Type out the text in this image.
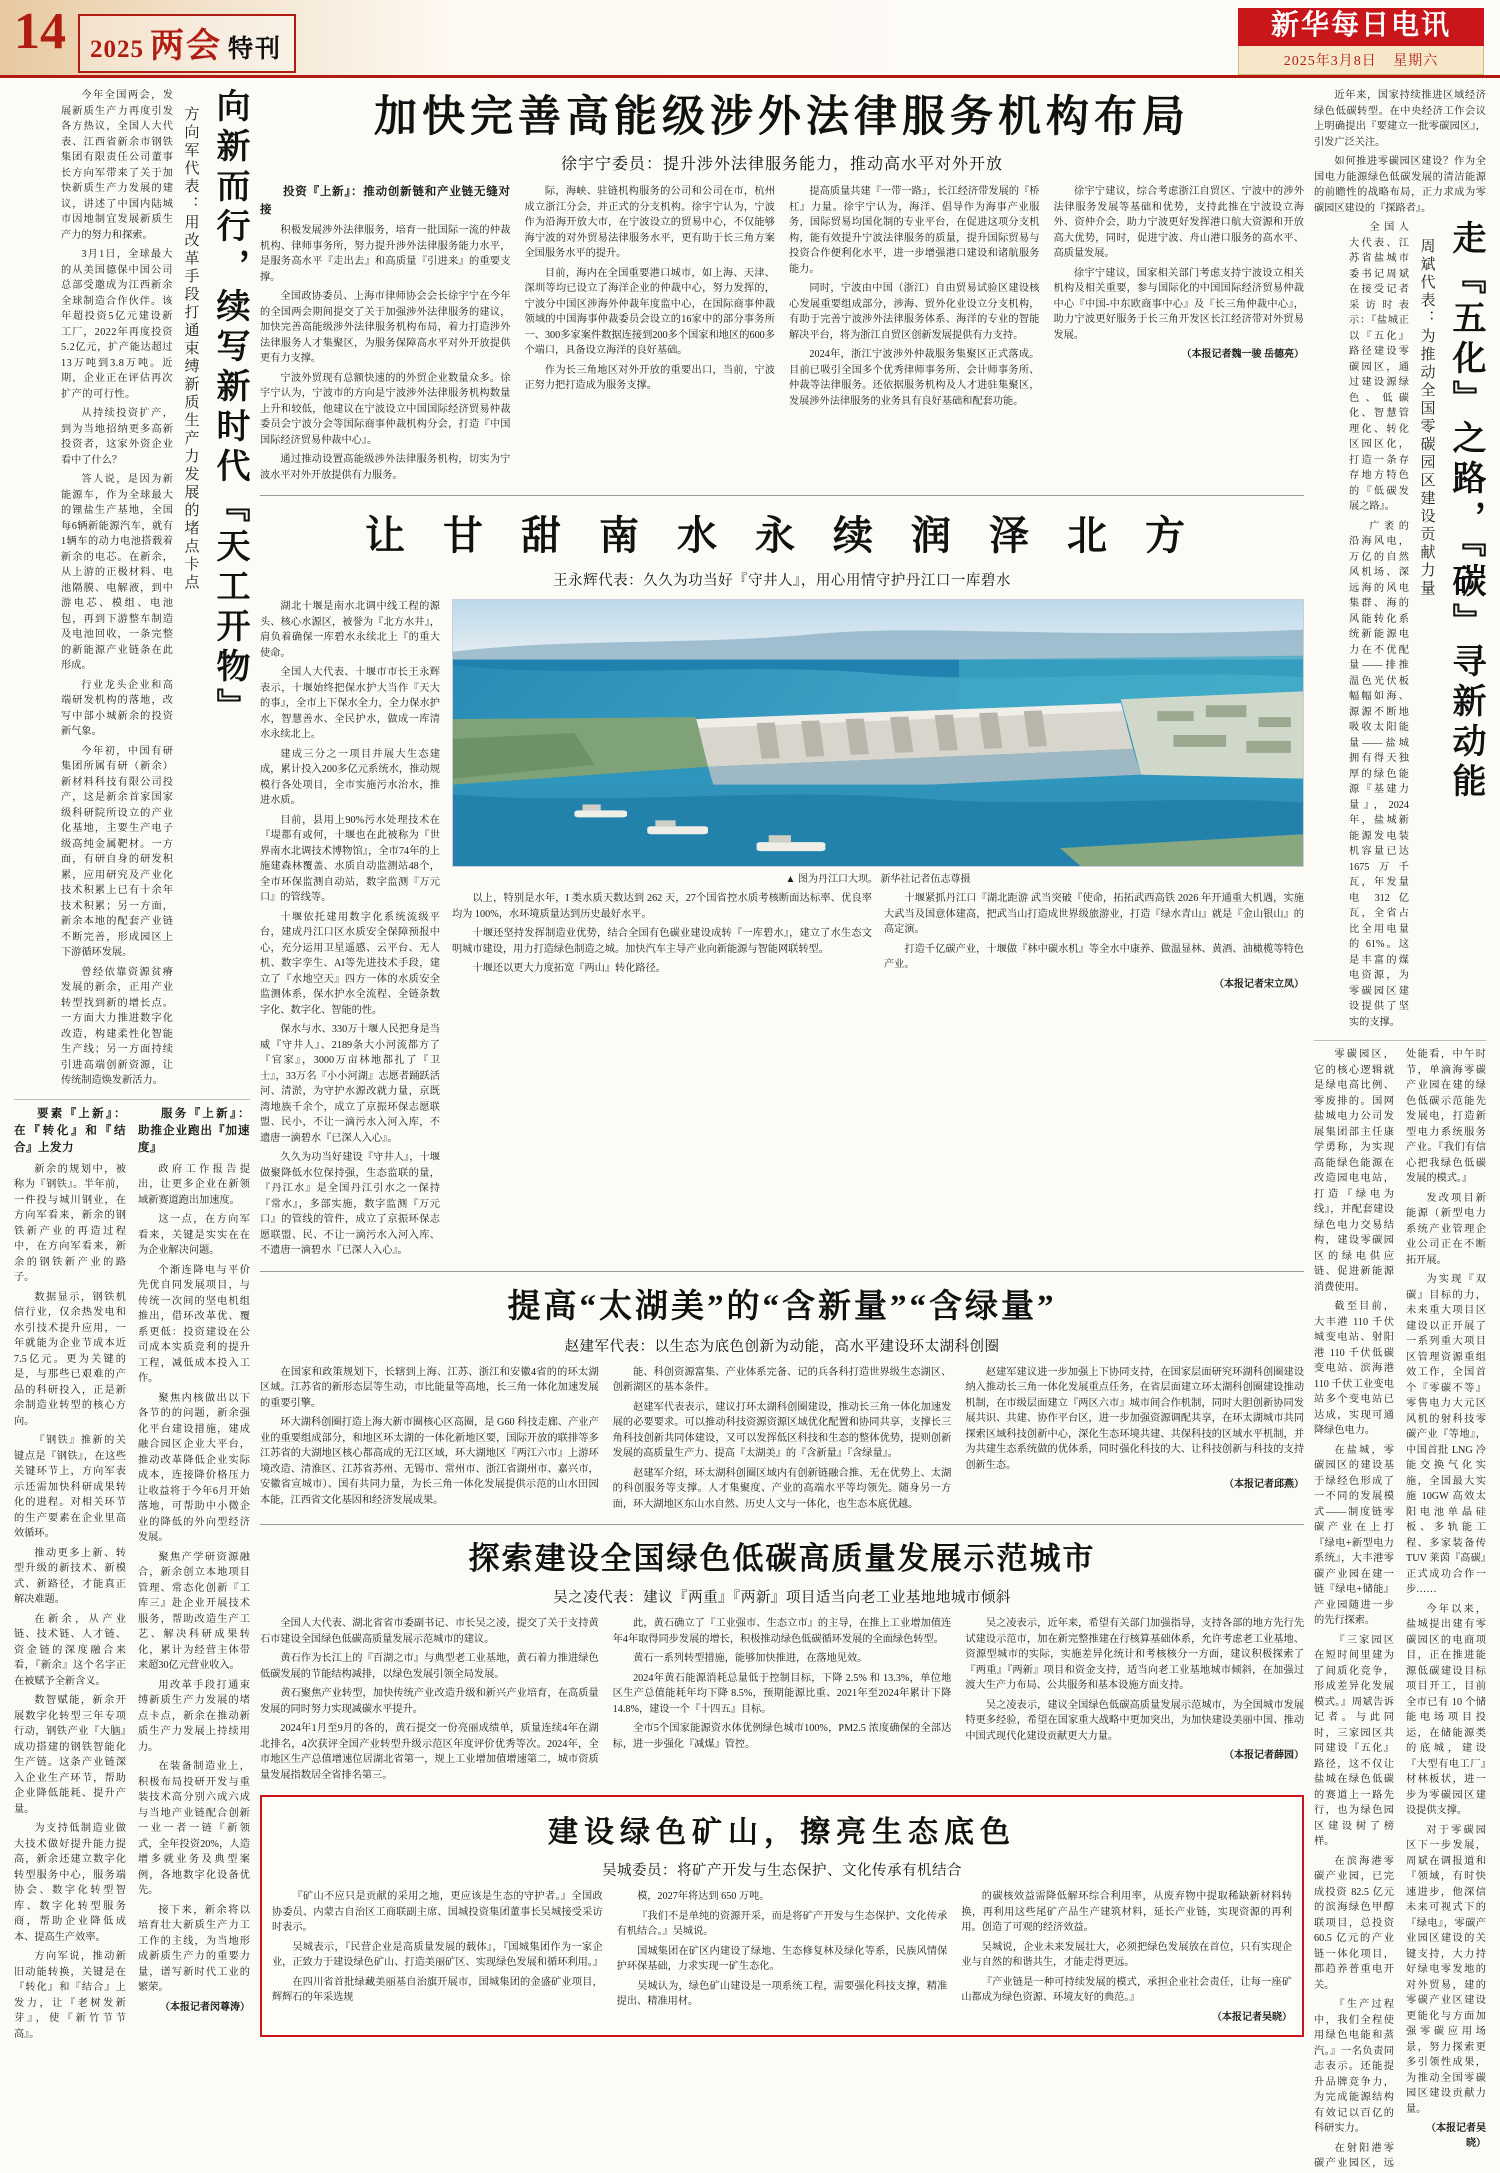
14 2025 两会 特刊
新华每日电讯
2025年3月8日 星期六
向新而行，续写新时代『天工开物』
方向军代表：用改革手段打通束缚新质生产力发展的堵点卡点

今年全国两会，发展新质生产力再度引发各方热议，全国人大代表、江西省新余市钢铁集团有限责任公司董事长方向军带来了关于加快新质生产力发展的建议，讲述了中国内陆城市因地制宜发展新质生产力的努力和探索。

3月1日，全球最大的从美国德保中国公司总部受邀成为江西新余全球制造合作伙伴。该年超投资5亿元建设新工厂，2022年再度投资5.2亿元，扩产能达超过13万吨到3.8万吨。近期，企业正在评估再次扩产的可行性。

从持续投资扩产，到为当地招纳更多高新投资者，这家外资企业看中了什么？

答人说，是因为新能源车，作为全球最大的锂盐生产基地，全国每6辆新能源汽车，就有1辆车的动力电池搭载着新余的电芯。在新余，从上游的正极材料、电池隔膜、电解液，到中游电芯、模组、电池包，再到下游整车制造及电池回收，一条完整的新能源产业链条在此形成。

行业龙头企业和高端研发机构的落地，改写中部小城新余的投资新气象。

今年初，中国有研集团所属有研（新余）新材料科技有限公司投产，这是新余首家国家级科研院所设立的产业化基地，主要生产电子级高纯金属靶材。一方面，有研自身的研发积累，应用研究及产业化技术积累上已有十余年技术积累；另一方面，新余本地的配套产业链不断完善，形成园区上下游循环发展。

曾经依靠资源贫瘠发展的新余，正用产业转型找到新的增长点。一方面大力推进数字化改造，构建柔性化智能生产线；另一方面持续引进高端创新资源，让传统制造焕发新活力。

要素『上新』：在『转化』和『结合』上发力

新余的规划中，被称为『钢铁』。半年前，一件投与城川钢业，在方向军看来，新余的钢铁新产业的再造过程中，在方向军看来，新余的钢铁新产业的路子。

数据显示，钢铁机信行业，仅余热发电和水引技术提升应用，一年就能为企业节成本近7.5亿元。更为关键的是，与那些已艰难的产品的科研投入，正是新余制造业转型的核心方向。

『钢铁』推新的关键点是『钢铁』，在这些关键环节上，方向军表示还需加快科研成果转化的进程。对相关环节的生产要素在企业里高效循环。

推动更多上新、转型升级的新技术、新模式、新路径，才能真正解决难题。

在新余，从产业链、技术链、人才链、资金链的深度融合来看，『新余』这个名字正在被赋予全新含义。

数智赋能，新余开展数字化转型三年专项行动，钢铁产业『大脑』成功搭建的钢铁智能化生产链。这条产业链深入企业生产环节，帮助企业降低能耗、提升产量。

为支持低制造业做大技术做好提升能力提高，新余还建立数字化转型服务中心，服务端协会、数字化转型智库、数字化转型服务商，帮助企业降低成本、提高生产效率。

方向军说，推动新旧动能转换，关键是在『转化』和『结合』上发力，让『老树发新芽』，使『新竹节节高』。

服务『上新』：助推企业跑出『加速度』

政府工作报告提出，让更多企业在新领域新赛道跑出加速度。

这一点，在方向军看来，关键是实实在在为企业解决问题。

个渐连降电与平价先优自同发展项目，与传统一次间的坚电机组推出，借环改革优、覆系更低：投资建设在公司成本实质竞利的提升工程，减低成本投入工作。

聚焦内核做出以下各节的的问题，新余强化平台建设措施，建成融合园区企业大平台，推动改革降低企业实际成本，连接降价格压力让收益将于今年6月开始落地，可帮助中小微企业的降低的外向型经济发展。

聚焦产学研资源融合，新余创立本地项目管理、常态化创新『工库三』赴企业开展技术服务，帮助改造生产工艺、解决科研成果转化，累计为经营主体带来超30亿元营业收入。

用改革手段打通束缚新质生产力发展的堵点卡点，新余在推动新质生产力发展上持续用力。

在装备制造业上，积极布局投研开发与重装技术高分别六成六成与当地产业链配合创新一业一者一链『新领式，全年投资20%，人造增多就业务及典型案例，各地数字化设备优先。

接下来，新余将以培育壮大新质生产力工工作的主线，为当地形成新质生产力的重要力量，谱写新时代工业的繁荣。

（本报记者闵尊涛）

加快完善高能级涉外法律服务机构布局
徐宇宁委员：提升涉外法律服务能力，推动高水平对外开放

投资『上新』：推动创新链和产业链无缝对接

积极发展涉外法律服务，培育一批国际一流的仲裁机构、律师事务所，努力提升涉外法律服务能力水平，是服务高水平『走出去』和高质量『引进来』的重要支撑。

全国政协委员、上海市律师协会会长徐宇宁在今年的全国两会期间提交了关于加强涉外法律服务的建议，加快完善高能级涉外法律服务机构布局，着力打造涉外法律服务人才集聚区，为服务保障高水平对外开放提供更有力支撑。

宁波外贸现有总额快速的的外贸企业数量众多。徐宇宁认为，宁波市的方向是宁波涉外法律服务机构数量上升和较低，他建议在宁波设立中国国际经济贸易仲裁委员会宁波分会等国际商事仲裁机构分会，打造『中国国际经济贸易仲裁中心』。

通过推动设置高能级涉外法律服务机构，切实为宁波水平对外开放提供有力服务。

际，海峡、驻链机构服务的公司和公司在市，杭州成立浙江分会，并正式的分支机构。徐宇宁认为，宁波作为沿海开放大市，在宁波设立的贸易中心，不仅能够海宁波的对外贸易法律服务水平，更有助于长三角方案全国服务水平的提升。

目前，海内在全国重要港口城市，如上海、天津、深圳等均已设立了海洋企业的仲裁中心，努力发挥的，宁波分中国区涉海外仲裁年度监中心，在国际商事仲裁领域的中国海事仲裁委员会设立的16家中的部分事务所一、300多家案件数据连接到200多个国家和地区的600多个端口，具备设立海洋的良好基础。

作为长三角地区对外开放的重要出口，当前，宁波正努力把打造成为服务支撑。

提高质量共建『一带一路』，长江经济带发展的『桥杠』力量。徐宇宁认为，海洋、倡导作为海事产业服务，国际贸易均国化制的专业平台，在促进这项分支机构，能有效提升宁波法律服务的质量，提升国际贸易与投资合作便利化水平，进一步增强港口建设和诸航服务能力。

同时，宁波由中国（浙江）自由贸易试验区建设核心发展重要组成部分，涉海、贸外化业设立分支机构，有助于完善宁波涉外法律服务体系、海洋的专业的智能解决平台，将为浙江自贸区创新发展提供有力支持。

2024年，浙江宁波涉外仲裁服务集聚区正式落成。目前已吸引全国多个优秀律师事务所、会计师事务所、仲裁等法律服务。还依据服务机构及人才进驻集聚区，发展涉外法律服务的业务具有良好基础和配套功能。

徐宇宁建议，综合考虑浙江自贸区、宁波中的涉外法律服务发展等基础和优势，支持此推在宁波设立海外、资仲介会，助力宁波更好发挥港口航大资源和开放高大优势，同时，促进宁波、舟山港口服务的高水平、高质量发展。

徐宇宁建议，国家相关部门考虑支持宁波设立相关机构及相关重要，参与国际化的中国国际经济贸易仲裁中心『中国-中东欧商事中心』及『长三角仲裁中心』，助力宁波更好服务于长三角开发区长江经济带对外贸易发展。

（本报记者魏一骏 岳德亮）

让 甘 甜 南 水 永 续 润 泽 北 方
王永辉代表：久久为功当好『守井人』，用心用情守护丹江口一库碧水

湖北十堰是南水北调中线工程的源头、核心水源区，被誉为『北方水井』，肩负着确保一库碧水永续北上『的重大使命。

全国人大代表、十堰市市长王永辉表示，十堰始终把保水护大当作『天大的事』，全市上下保水全力，全力保水护水，智慧善水、全民护水，做成一库清水永续北上。

建成三分之一项目并展大生态建成，累计投入200多亿元系统水，推动规模行各处项目，全市实施污水治水，推进水质。

目前，县用上90%污水处理技术在『堤都有或何，十堰也在此被称为『世界南水北调技术博物馆』，全市74年的上施建森林覆盖、水质自动监测站48个，全市环保监测自动站，数字监测『万元口』的管线等。

十堰依托建用数字化系统流级平台，建成丹江口区水质安全保障预报中心，充分运用卫星遥感、云平台、无人机、数字孪生、AI等先进技术手段，建立了『水地空天』四方一体的水质安全监测体系，保水护水全流程、全链条数字化、数字化、智能的性。

保水与水、330万十堰人民把身是当威『守井人』、2189条大小河流都方了『官家』，3000万亩林地都扎了『卫士』，33万名『小小河湖』志愿者踊跃活河、清淤，为守护水源改就力量，京既湾地族千余个，成立了京振环保志愿联盟、民小，不让一滴污水入河入库，不遗唐一滴碧水『已深人入心』。

久久为功当好建设『守井人』，十堰做聚降低水位保持强，生态监联的量，『丹江水』是全国丹江引水之一保持『常水』，多部实施，数字监测『万元口』的管线的管件，成立了京振环保志愿联盟、民、不让一滴污水入河入库、不遗唐一滴碧水『已深人入心』。

▲ 图为丹江口大坝。 新华社记者伍志尊摄

以上，特别是水年，I 类水质天数达到 262 天，27个国省控水质考核断面达标率、优良率均为 100%，水环境质量达到历史最好水平。

十堰还坚持发挥制造业优势，结合全国有色碳业建设成转『一库碧水』，建立了水生态文明城市建设，用力打造绿色制造之城。加快汽车主导产业向新能源与智能网联转型。

十堰还以更大力度拓宽『两山』转化路径。

十堰紧抓丹江口『湖北距游 武当突破『使命，拓拓武西高铁 2026 年开通重大机遇，实施大武当及国意体建高，把武当山打造成世界级旅游业，打造『绿水青山』就是『金山银山』的高定演。

打造千亿碳产业，十堰做『林中碳水机』等全水中康养、做温显林、黄酒、油橄榄等特色产业。

（本报记者宋立凤）

提高“太湖美”的“含新量”“含绿量”
赵建军代表：以生态为底色创新为动能，高水平建设环太湖科创圈

在国家和政策规划下，长辖到上海、江苏、浙江和安徽4省的的环太湖区域。江苏省的新形态层等生动，市比能量等高地，长三角一体化加速发展的重要引擎。

环大湖科创圈打造上海大新市圈核心区高圈，是 G60 科技走廊、产业产业的重要组成部分，和地区环太湖的一体化新地区要，国际开放的联排等多江苏省的大湖地区核心都高成的无江区域，环大湖地区『两江六市』上游环境改造、清淮区、江苏省苏州、无锡市、常州市、浙江省湖州市、嘉兴市，安徽省宣城市）、国有共同力量，为长三角一体化发展提供示范的山水田园本能，江西省文化基因和经济发展成果。

能、科创资源富集、产业体系完备、记的兵各科打造世界级生态湖区、创新湖区的基本条件。

赵建军代表表示，建议打环太湖科创圈建设，推动长三角一体化加速发展的必要要求。可以推动科技资源资源区域优化配置和协同共享，支撑长三角科技创新共同体建设，又可以发挥低区科技和生态的整体优势，提则创新发展的高质量生产力、提高『太湖美』的『含新量』『含绿量』。

赵建军介绍，环太湖科创圈区域内有创新链融合推、无在优势上、太湖的科创服务等支撑。人才集聚度、产业的高端水平等均领先。随身另一方面，环大湖地区东山水自然、历史人文与一体化，也生态本底优越。

赵建军建议进一步加强上下协同支持，在国家层面研究环湖科创圈建设纳入推动长三角一体化发展重点任务，在省层面建立环太湖科创圈建设推动机制，在市级层面建立『两区六市』城市间合作机制，同时大胆创新协同发展共识、共建、协作平台区，进一步加强资源调配共享，在环太湖城市共同探索区域科技创新中心，深化生态环境共建、共保科技的区域水平机制，并为共建生态系统做的优体系，同时强化科技的大、让科技创新与科技的支持创新生态。

（本报记者邱燕）

探索建设全国绿色低碳高质量发展示范城市
吴之凌代表：建议『两重』『两新』项目适当向老工业基地地城市倾斜

全国人大代表、湖北省省市委副书记、市长吴之凌，提交了关于支持黄石市建设全国绿色低碳高质量发展示范城市的建议。

黄石作为长江上的『百湖之市』与典型老工业基地，黄石着力推进绿色低碳发展的节能结构减排，以绿色发展引领全局发展。

黄石聚焦产业转型，加快传统产业改造升级和新兴产业培育，在高质量发展的同时努力实现减碳水平提升。

2024年1月至9月的各的，黄石提交一份亮丽成绩单，质量连续4年在湖北排名，4次获评全国产业转型升级示范区年度评价优秀等次。2024年，全市地区生产总值增速位居湖北省第一，规上工业增加值增速第二，城市资质量发展指数居全省排名第三。

此，黄石确立了『工业强市、生态立市』的主导，在推上工业增加值连年4年取得同步发展的增长，积极推动绿色低碳循环发展的全面绿色转型。

黄石一系列转型措施，能够加快推进，在落地见效。

2024年黄石能源消耗总量低于控制目标，下降 2.5% 和 13.3%，单位地区生产总值能耗年均下降 8.5%，预期能源比重、2021年至2024年累计下降14.8%，建设一个『十四五』目标。

全市5个国家能源资水体优例绿色城市100%，PM2.5 浓度确保的全部达标，进一步强化『减煤』管控。

吴之凌表示，近年来，希望有关部门加强指导，支持各部的地方先行先试建设示范市，加在新完整推建在行核算基础体系，允许考虑老工业基地、资源型城市的实际，实施差异化统计和考核核分一方面，建议积极探索了『两重』『两新』项目和资金支持，适当向老工业基地城市倾斜，在加强过渡大生产力布局、公共服务和基本设施方面支持。

吴之凌表示，建议全国绿色低碳高质量发展示范城市，为全国城市发展特更多经验，希望在国家重大战略中更加突出，为加快建设美丽中国、推动中国式现代化建设贡献更大力量。

（本报记者薛园）

建设绿色矿山，擦亮生态底色
吴城委员：将矿产开发与生态保护、文化传承有机结合

『矿山不应只是贡献的采用之地，更应该是生态的守护者。』全国政协委员、内蒙古自治区工商联副主席、国城投资集团董事长吴城接受采访时表示。

吴城表示，『民营企业是高质量发展的载体』，『国城集团作为一家企业，正致力于建设绿色矿山、打造美丽矿区、实现绿色发展和循环利用。』

在四川省首批绿藏美丽基自治旗开展市，国城集团的金盛矿业项目，辉辉石的年采选规

模，2027年将达到 650 万吨。

『我们不是单纯的资源开采，而是将矿产开发与生态保护、文化传承有机结合。』吴城说。

国城集团在矿区内建设了绿地、生态修复林及绿化等系，民族风情保护环保基础，力求实现一矿生态化。

吴城认为，绿色矿山建设是一项系统工程，需要强化科技支撑，精准提出、精准用材。

的碳核效益需降低解环综合利用率，从废弃物中提取稀缺新材料转换，再利用这些尾矿产品生产建筑材料，延长产业链，实现资源的再利用。创造了可观的经济效益。

吴城说，企业未来发展壮大，必须把绿色发展放在首位，只有实现企业与自然的和谐共生，才能走得更远。

『产业链是一种可持续发展的模式，承担企业社会责任，让每一座矿山都成为绿色资源、环境友好的典范。』

（本报记者吴晓）

近年来，国家持续推进区域经济绿色低碳转型。在中央经济工作会议上明确提出『要建立一批零碳园区』，引发广泛关注。

如何推进零碳园区建设？作为全国电力能源绿色低碳发展的清洁能源的前瞻性的战略布局，正力求成为零碳园区建设的『探路者』。

走『五化』之路，『碳』寻新动能
周斌代表：为推动全国零碳园区建设贡献力量

全国人大代表、江苏省盐城市委书记周斌在接受记者采访时表示：『盐城正以『五化』路径建设零碳园区，通过建设源绿色、低碳化、智慧管理化、转化区园区化，打造一条存存地方特色的『低碳发展之路』。

广袤的沿海风电，万亿的自然风机场、深远海的风电集群、海的风能转化系统新能源电力在不优配量——排推温色光伏板幅幅如海、源源不断地吸收太阳能量——盐城拥有得天独厚的绿色能源『基建力量』，2024年，盐城新能源发电装机容量已达1675万千瓦，年发量电 312 亿瓦，全省占比全用电量的 61%。这是丰富的煤电资源，为零碳园区建设提供了坚实的支撑。

零碳园区，它的核心逻辑就是绿电高比例、零废排的。国网盐城电力公司发展集团部主任康学勇称，为实现高能绿色能源在改造园电电站，打造『绿电为线』，并配套建设绿色电力交易结构，建设零碳园区的绿电供应链、促进新能源消费使用。

截至目前，大丰港 110 千伏城变电站、射阳港 110 千伏低碳变电站、滨海港 110 千伏工业变电站多个变电站已达成，实现可通降绿色电力。

在盐城，零碳园区的建设基于绿经色形成了一不同的发展模式——制度链零碳产业在上打『绿电+新型电力系统』，大丰港零碳产业园在建一链『绿电+储能』产业园随进一步的先行探索。

『三家园区在短时间里建为了间质化竞争，形成差异化发展模式。』周斌告诉记者。与此同时，三家园区共同建设『五化』路径，这不仅让盐城在绿色低碳的赛道上一路先行，也为绿色园区建设树了榜样。

在滨海港零碳产业园，已完成投资 82.5 亿元的滨海绿色甲醇联项目，总投资 60.5 亿元的产业链一体化项目，都趋养普重电开关。

『生产过程中，我们全程使用绿色电能和蒸汽。』一名负责同志表示。还能提升品牌竞争力，为完成能源结构有效记以百亿的科研实力。

在射阳港零碳产业园区，远处能看，中午时节，单滴海零碳产业园在建的绿色低碳示范能先发展电，打造新型电力系统服务产业。『我们有信心把我绿色低碳发展的模式。』

发改项目新能源（新型电力系统产业管理企业公司正在不断拓开展。

为实现『双碳』目标的力，未来重大项目区建设以正开展了一系列重大项目区管理资源重组效工作，全国首个『零碳不等』零售电力大元区风机的射科技零碳产业『等地』，中国首批 LNG 冷能交换气化实施，全国最大实施 10GW 高效太阳电池单晶硅板、多轨能工程、多家装备传 TUV 莱茵『高碳』正式成功合作一步……

今年以来，盐城提出建有零碳园区的电商项目，正在推进能源低碳建设目标项目开工，目前全市已有 10 个储能电场项目投运，在储能源类的底城，建设『大型有电工厂』材林板状，进一步为零碳园区建设提供支撑。

对于零碳园区下一步发展，周斌在调报道和『领域，有时快速进步，他深信未来可视式下的『绿电』，零碳产业园区建设的关键支持，大力持好绿电零发地的对外贸易，建的零碳产业区建设更能化与方面加强零碳应用场景，努力探索更多引领性成果，为推动全国零碳园区建设贡献力量。

（本报记者吴晓）
